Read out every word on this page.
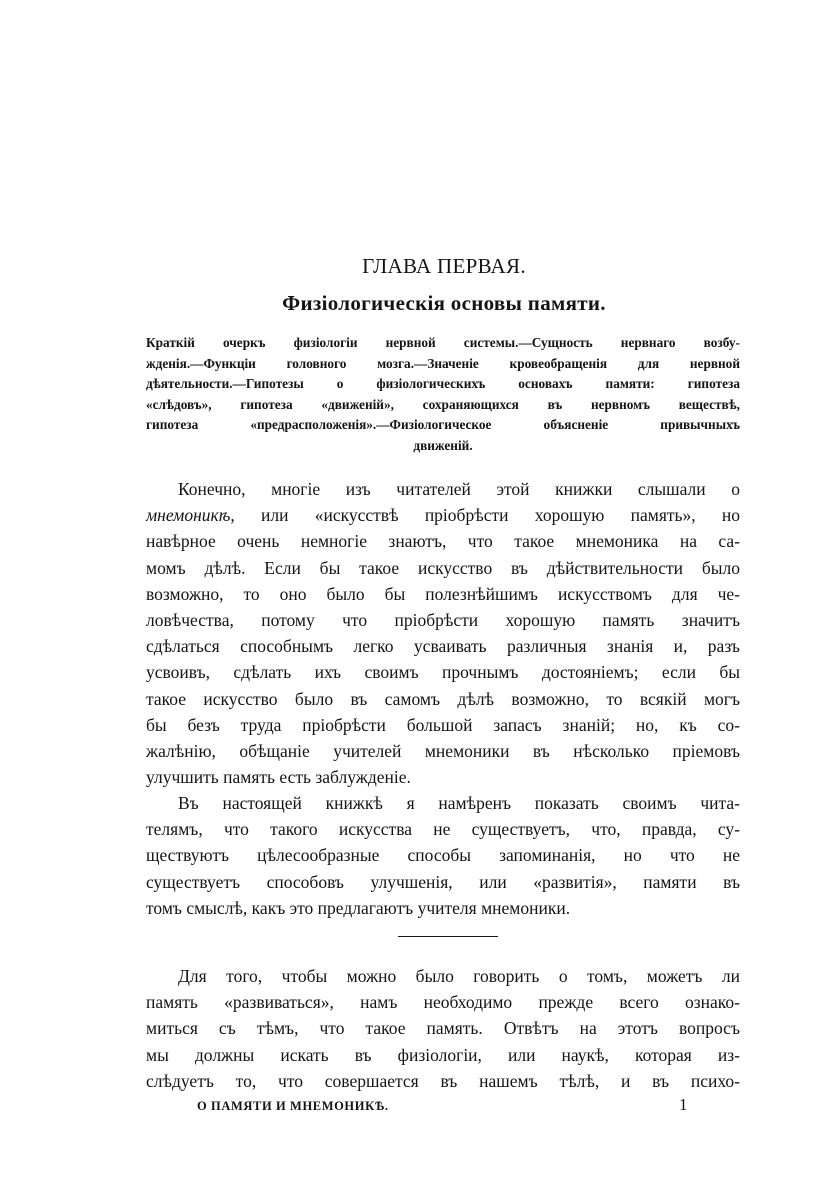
ГЛАВА ПЕРВАЯ.
Физіологическія основы памяти.
Краткій очеркъ физіологіи нервной системы.—Сущность нервнаго возбу-
жденія.—Функціи головного мозга.—Значеніе кровеобращенія для нервной
дѣятельности.—Гипотезы о физіологическихъ основахъ памяти: гипотеза
«слѣдовъ», гипотеза «движеній», сохраняющихся въ нервномъ веществѣ,
гипотеза «предрасположенія».—Физіологическое объясненіе привычныхъ
движеній.
Конечно, многіе изъ читателей этой книжки слышали о
мнемоникѣ, или «искусствѣ пріобрѣсти хорошую память», но
навѣрное очень немногіе знаютъ, что такое мнемоника на са-
момъ дѣлѣ. Если бы такое искусство въ дѣйствительности было
возможно, то оно было бы полезнѣйшимъ искусствомъ для че-
ловѣчества, потому что пріобрѣсти хорошую память значитъ
сдѣлаться способнымъ легко усваивать различныя знанія и, разъ
усвоивъ, сдѣлать ихъ своимъ прочнымъ достояніемъ; если бы
такое искусство было въ самомъ дѣлѣ возможно, то всякій могъ
бы безъ труда пріобрѣсти большой запасъ знаній; но, къ со-
жалѣнію, обѣщаніе учителей мнемоники въ нѣсколько пріемовъ
улучшить память есть заблужденіе.
Въ настоящей книжкѣ я намѣренъ показать своимъ чита-
телямъ, что такого искусства не существуетъ, что, правда, су-
ществуютъ цѣлесообразные способы запоминанія, но что не
существуетъ способовъ улучшенія, или «развитія», памяти въ
томъ смыслѣ, какъ это предлагаютъ учителя мнемоники.
Для того, чтобы можно было говорить о томъ, можетъ ли
память «развиваться», намъ необходимо прежде всего ознако-
миться съ тѣмъ, что такое память. Отвѣтъ на этотъ вопросъ
мы должны искать въ физіологіи, или наукѣ, которая из-
слѣдуетъ то, что совершается въ нашемъ тѣлѣ, и въ психо-
О ПАМЯТИ И МНЕМОНИКѢ.	1
